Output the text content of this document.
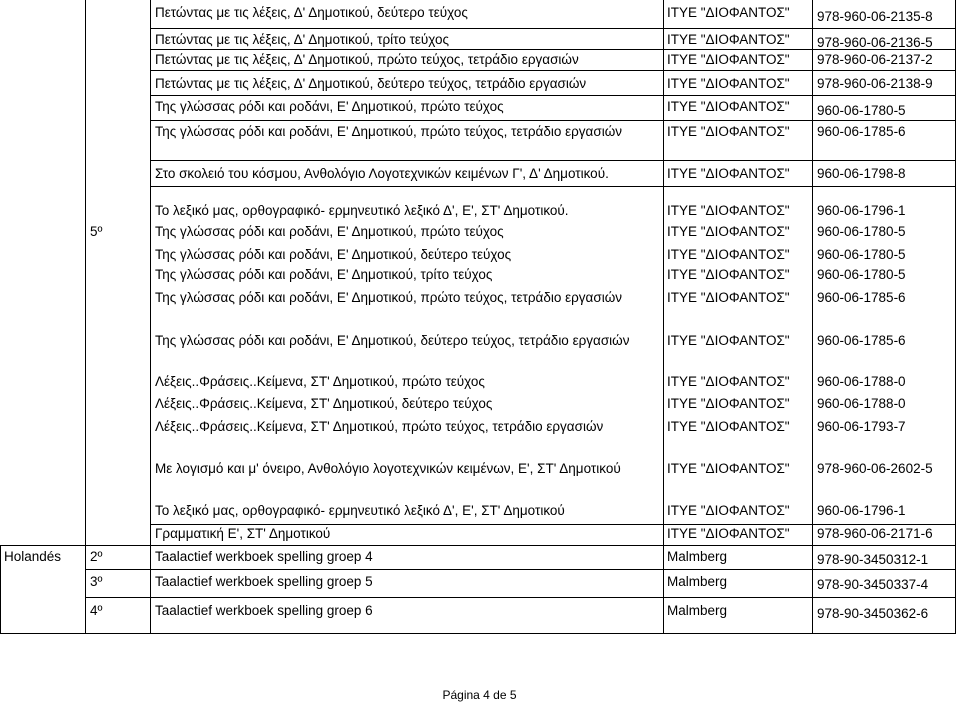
Πετώντας με τις λέξεις, Δ' Δημοτικού, δεύτερο τεύχος	ΙΤΥΕ "ΔΙΟΦΑΝΤΟΣ" 978-960-06-2135-8
Πετώντας με τις λέξεις, Δ' Δημοτικού, τρίτο τεύχος	ΙΤΥΕ "ΔΙΟΦΑΝΤΟΣ" 978-960-06-2136-5
Πετώντας με τις λέξεις, Δ' Δημοτικού, πρώτο τεύχος, τετράδιο εργασιών	ΙΤΥΕ "ΔΙΟΦΑΝΤΟΣ" 978-960-06-2137-2
Πετώντας με τις λέξεις, Δ' Δημοτικού, δεύτερο τεύχος, τετράδιο εργασιών	ΙΤΥΕ "ΔΙΟΦΑΝΤΟΣ" 978-960-06-2138-9
Της γλώσσας ρόδι και ροδάνι, Ε' Δημοτικού, πρώτο τεύχος	ΙΤΥΕ "ΔΙΟΦΑΝΤΟΣ" 960-06-1780-5
Της γλώσσας ρόδι και ροδάνι, Ε' Δημοτικού, πρώτο τεύχος, τετράδιο εργασιών	ΙΤΥΕ "ΔΙΟΦΑΝΤΟΣ" 960-06-1785-6
Στο σκολειό του κόσμου, Ανθολόγιο Λογοτεχνικών κειμένων Γ', Δ' Δημοτικού.	ΙΤΥΕ "ΔΙΟΦΑΝΤΟΣ" 960-06-1798-8
Το λεξικό μας, ορθογραφικό- ερμηνευτικό λεξικό Δ', Ε', ΣΤ' Δημοτικού.	ΙΤΥΕ "ΔΙΟΦΑΝΤΟΣ" 960-06-1796-1
5º	Της γλώσσας ρόδι και ροδάνι, Ε' Δημοτικού, πρώτο τεύχος	ΙΤΥΕ "ΔΙΟΦΑΝΤΟΣ" 960-06-1780-5
Της γλώσσας ρόδι και ροδάνι, Ε' Δημοτικού, δεύτερο τεύχος	ΙΤΥΕ "ΔΙΟΦΑΝΤΟΣ" 960-06-1780-5
Της γλώσσας ρόδι και ροδάνι, Ε' Δημοτικού, τρίτο τεύχος	ΙΤΥΕ "ΔΙΟΦΑΝΤΟΣ" 960-06-1780-5
Της γλώσσας ρόδι και ροδάνι, Ε' Δημοτικού, πρώτο τεύχος, τετράδιο εργασιών	ΙΤΥΕ "ΔΙΟΦΑΝΤΟΣ" 960-06-1785-6
Της γλώσσας ρόδι και ροδάνι, Ε' Δημοτικού, δεύτερο τεύχος, τετράδιο εργασιών	ΙΤΥΕ "ΔΙΟΦΑΝΤΟΣ" 960-06-1785-6
Λέξεις..Φράσεις..Κείμενα, ΣΤ' Δημοτικού, πρώτο τεύχος	ΙΤΥΕ "ΔΙΟΦΑΝΤΟΣ" 960-06-1788-0
Λέξεις..Φράσεις..Κείμενα, ΣΤ' Δημοτικού, δεύτερο τεύχος	ΙΤΥΕ "ΔΙΟΦΑΝΤΟΣ" 960-06-1788-0
Λέξεις..Φράσεις..Κείμενα, ΣΤ' Δημοτικού, πρώτο τεύχος, τετράδιο εργασιών	ΙΤΥΕ "ΔΙΟΦΑΝΤΟΣ" 960-06-1793-7
Με λογισμό και μ' όνειρο, Ανθολόγιο λογοτεχνικών κειμένων, Ε', ΣΤ' Δημοτικού	ΙΤΥΕ "ΔΙΟΦΑΝΤΟΣ" 978-960-06-2602-5
Το λεξικό μας, ορθογραφικό- ερμηνευτικό λεξικό Δ', Ε', ΣΤ' Δημοτικού	ΙΤΥΕ "ΔΙΟΦΑΝΤΟΣ" 960-06-1796-1
Γραμματική Ε', ΣΤ' Δημοτικού	ΙΤΥΕ "ΔΙΟΦΑΝΤΟΣ" 978-960-06-2171-6
Holandés 2º	Taalactief werkboek spelling groep 4	Malmberg	978-90-3450312-1
3º	Taalactief werkboek spelling groep 5	Malmberg	978-90-3450337-4
4º	Taalactief werkboek spelling groep 6	Malmberg	978-90-3450362-6
Página 4 de 5
